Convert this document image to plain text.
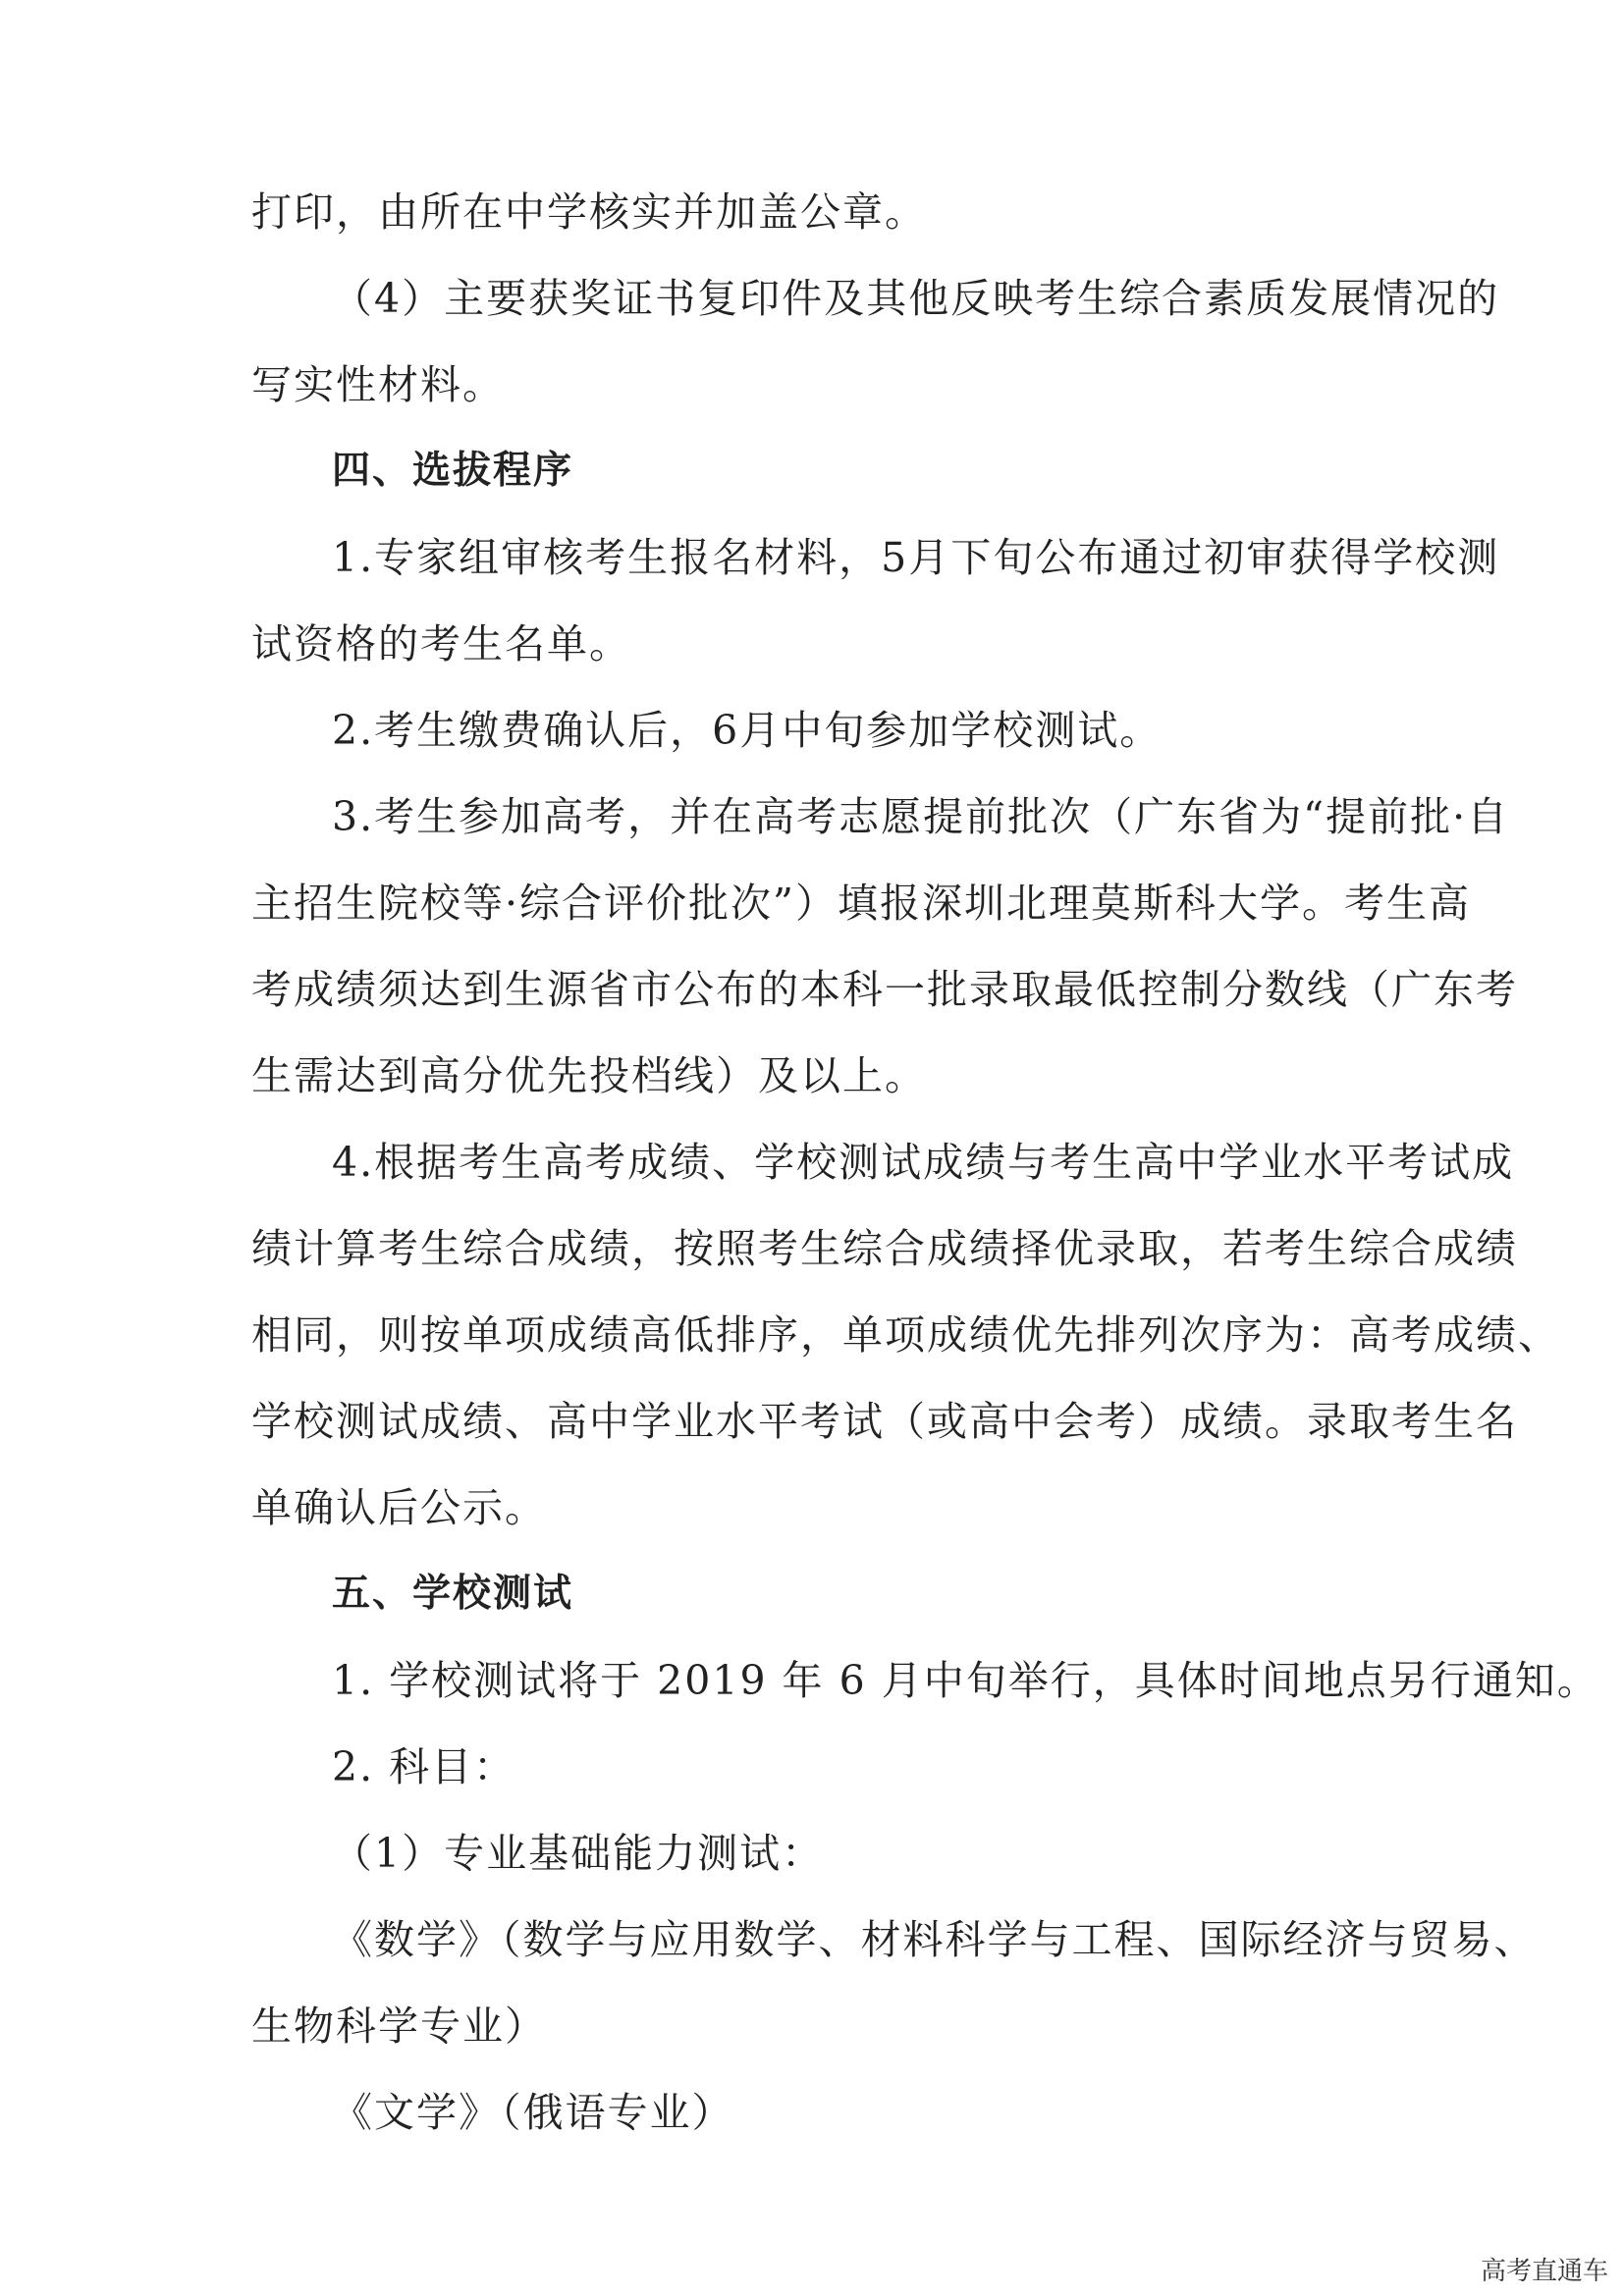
打印，由所在中学核实并加盖公章。
（4）主要获奖证书复印件及其他反映考生综合素质发展情况的
写实性材料。
四、选拔程序
1.专家组审核考生报名材料，5月下旬公布通过初审获得学校测
试资格的考生名单。
2.考生缴费确认后，6月中旬参加学校测试。
3.考生参加高考，并在高考志愿提前批次（广东省为“提前批·自
主招生院校等·综合评价批次”）填报深圳北理莫斯科大学。考生高
考成绩须达到生源省市公布的本科一批录取最低控制分数线（广东考
生需达到高分优先投档线）及以上。
4.根据考生高考成绩、学校测试成绩与考生高中学业水平考试成
绩计算考生综合成绩，按照考生综合成绩择优录取，若考生综合成绩
相同，则按单项成绩高低排序，单项成绩优先排列次序为：高考成绩、
学校测试成绩、高中学业水平考试（或高中会考）成绩。录取考生名
单确认后公示。
五、学校测试
1. 学校测试将于 2019 年 6 月中旬举行，具体时间地点另行通知。
2. 科目：
（1）专业基础能力测试：
《数学》（数学与应用数学、材料科学与工程、国际经济与贸易、
生物科学专业）
《文学》（俄语专业）
高考直通车
